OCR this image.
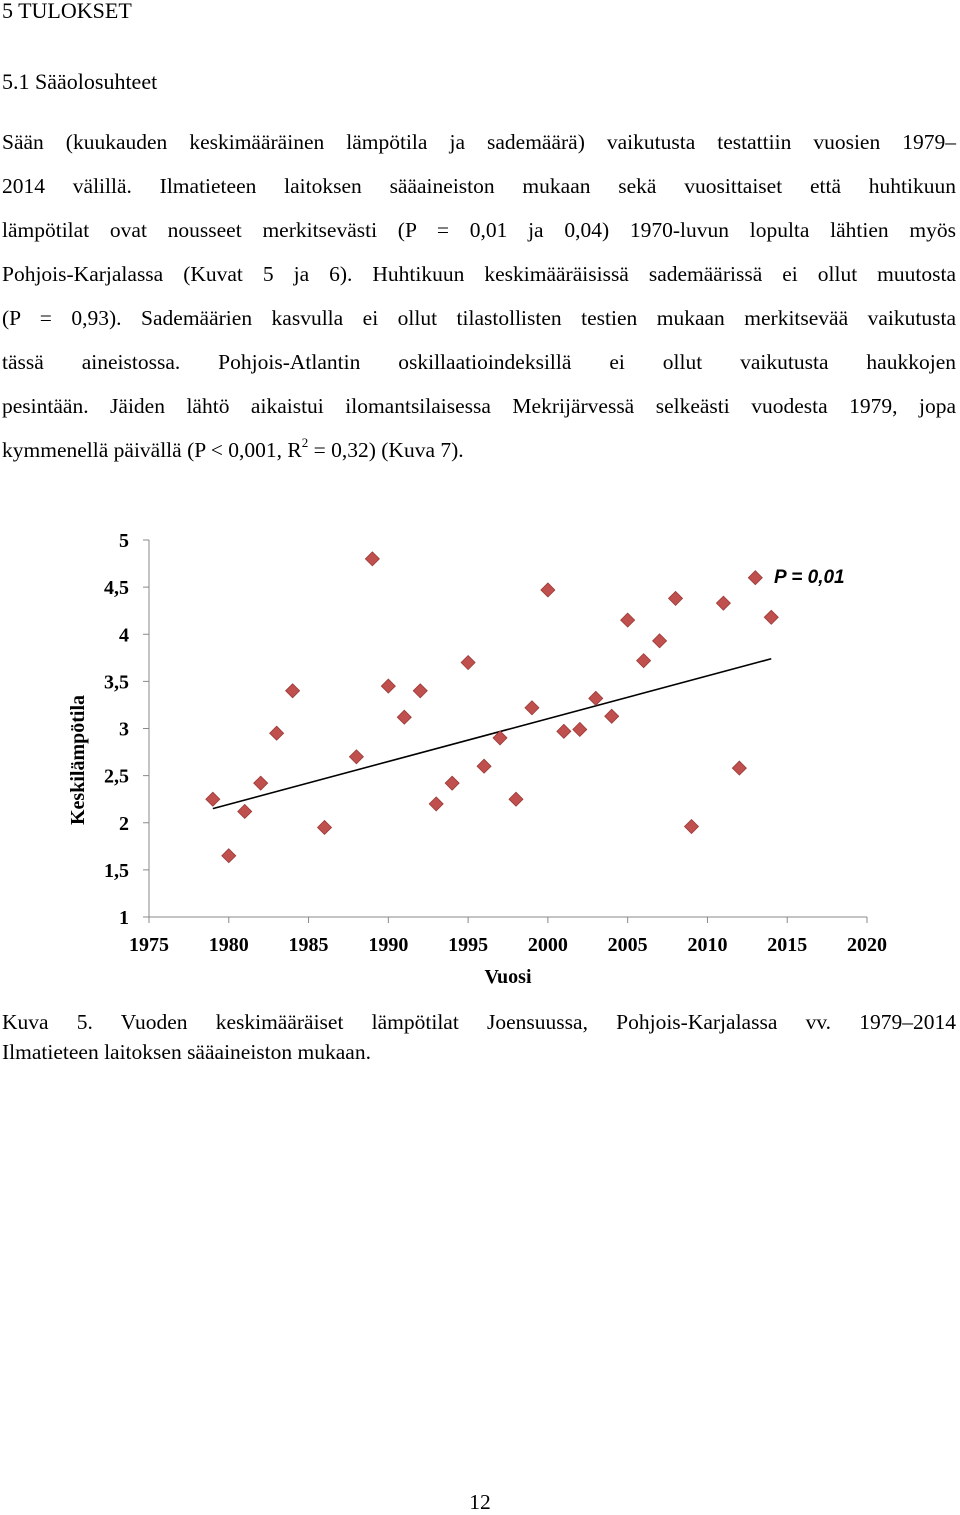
5 TULOKSET
5.1 Sääolosuhteet
Sään (kuukauden keskimääräinen lämpötila ja sademäärä) vaikutusta testattiin vuosien 1979–
2014 välillä. Ilmatieteen laitoksen sääaineiston mukaan sekä vuosittaiset että huhtikuun
lämpötilat ovat nousseet merkitsevästi (P = 0,01 ja 0,04) 1970-luvun lopulta lähtien myös
Pohjois-Karjalassa (Kuvat 5 ja 6). Huhtikuun keskimääräisissä sademäärissä ei ollut muutosta
(P = 0,93). Sademäärien kasvulla ei ollut tilastollisten testien mukaan merkitsevää vaikutusta
tässä aineistossa. Pohjois-Atlantin oskillaatioindeksillä ei ollut vaikutusta haukkojen
pesintään. Jäiden lähtö aikaistui ilomantsilaisessa Mekrijärvessä selkeästi vuodesta 1979, jopa
kymmenellä päivällä (P < 0,001, $R^2 = 0,32$) (Kuva 7).
1
1,5
2
2,5
3
3,5
4
4,5
5
1975 1980 1985 1990 1995 2000 2005 2010 2015 2020
Keskilämpötila
Vuosi
P = 0,01
Kuva 5. Vuoden keskimääräiset lämpötilat Joensuussa, Pohjois-Karjalassa vv. 1979–2014
Ilmatieteen laitoksen sääaineiston mukaan.
12
